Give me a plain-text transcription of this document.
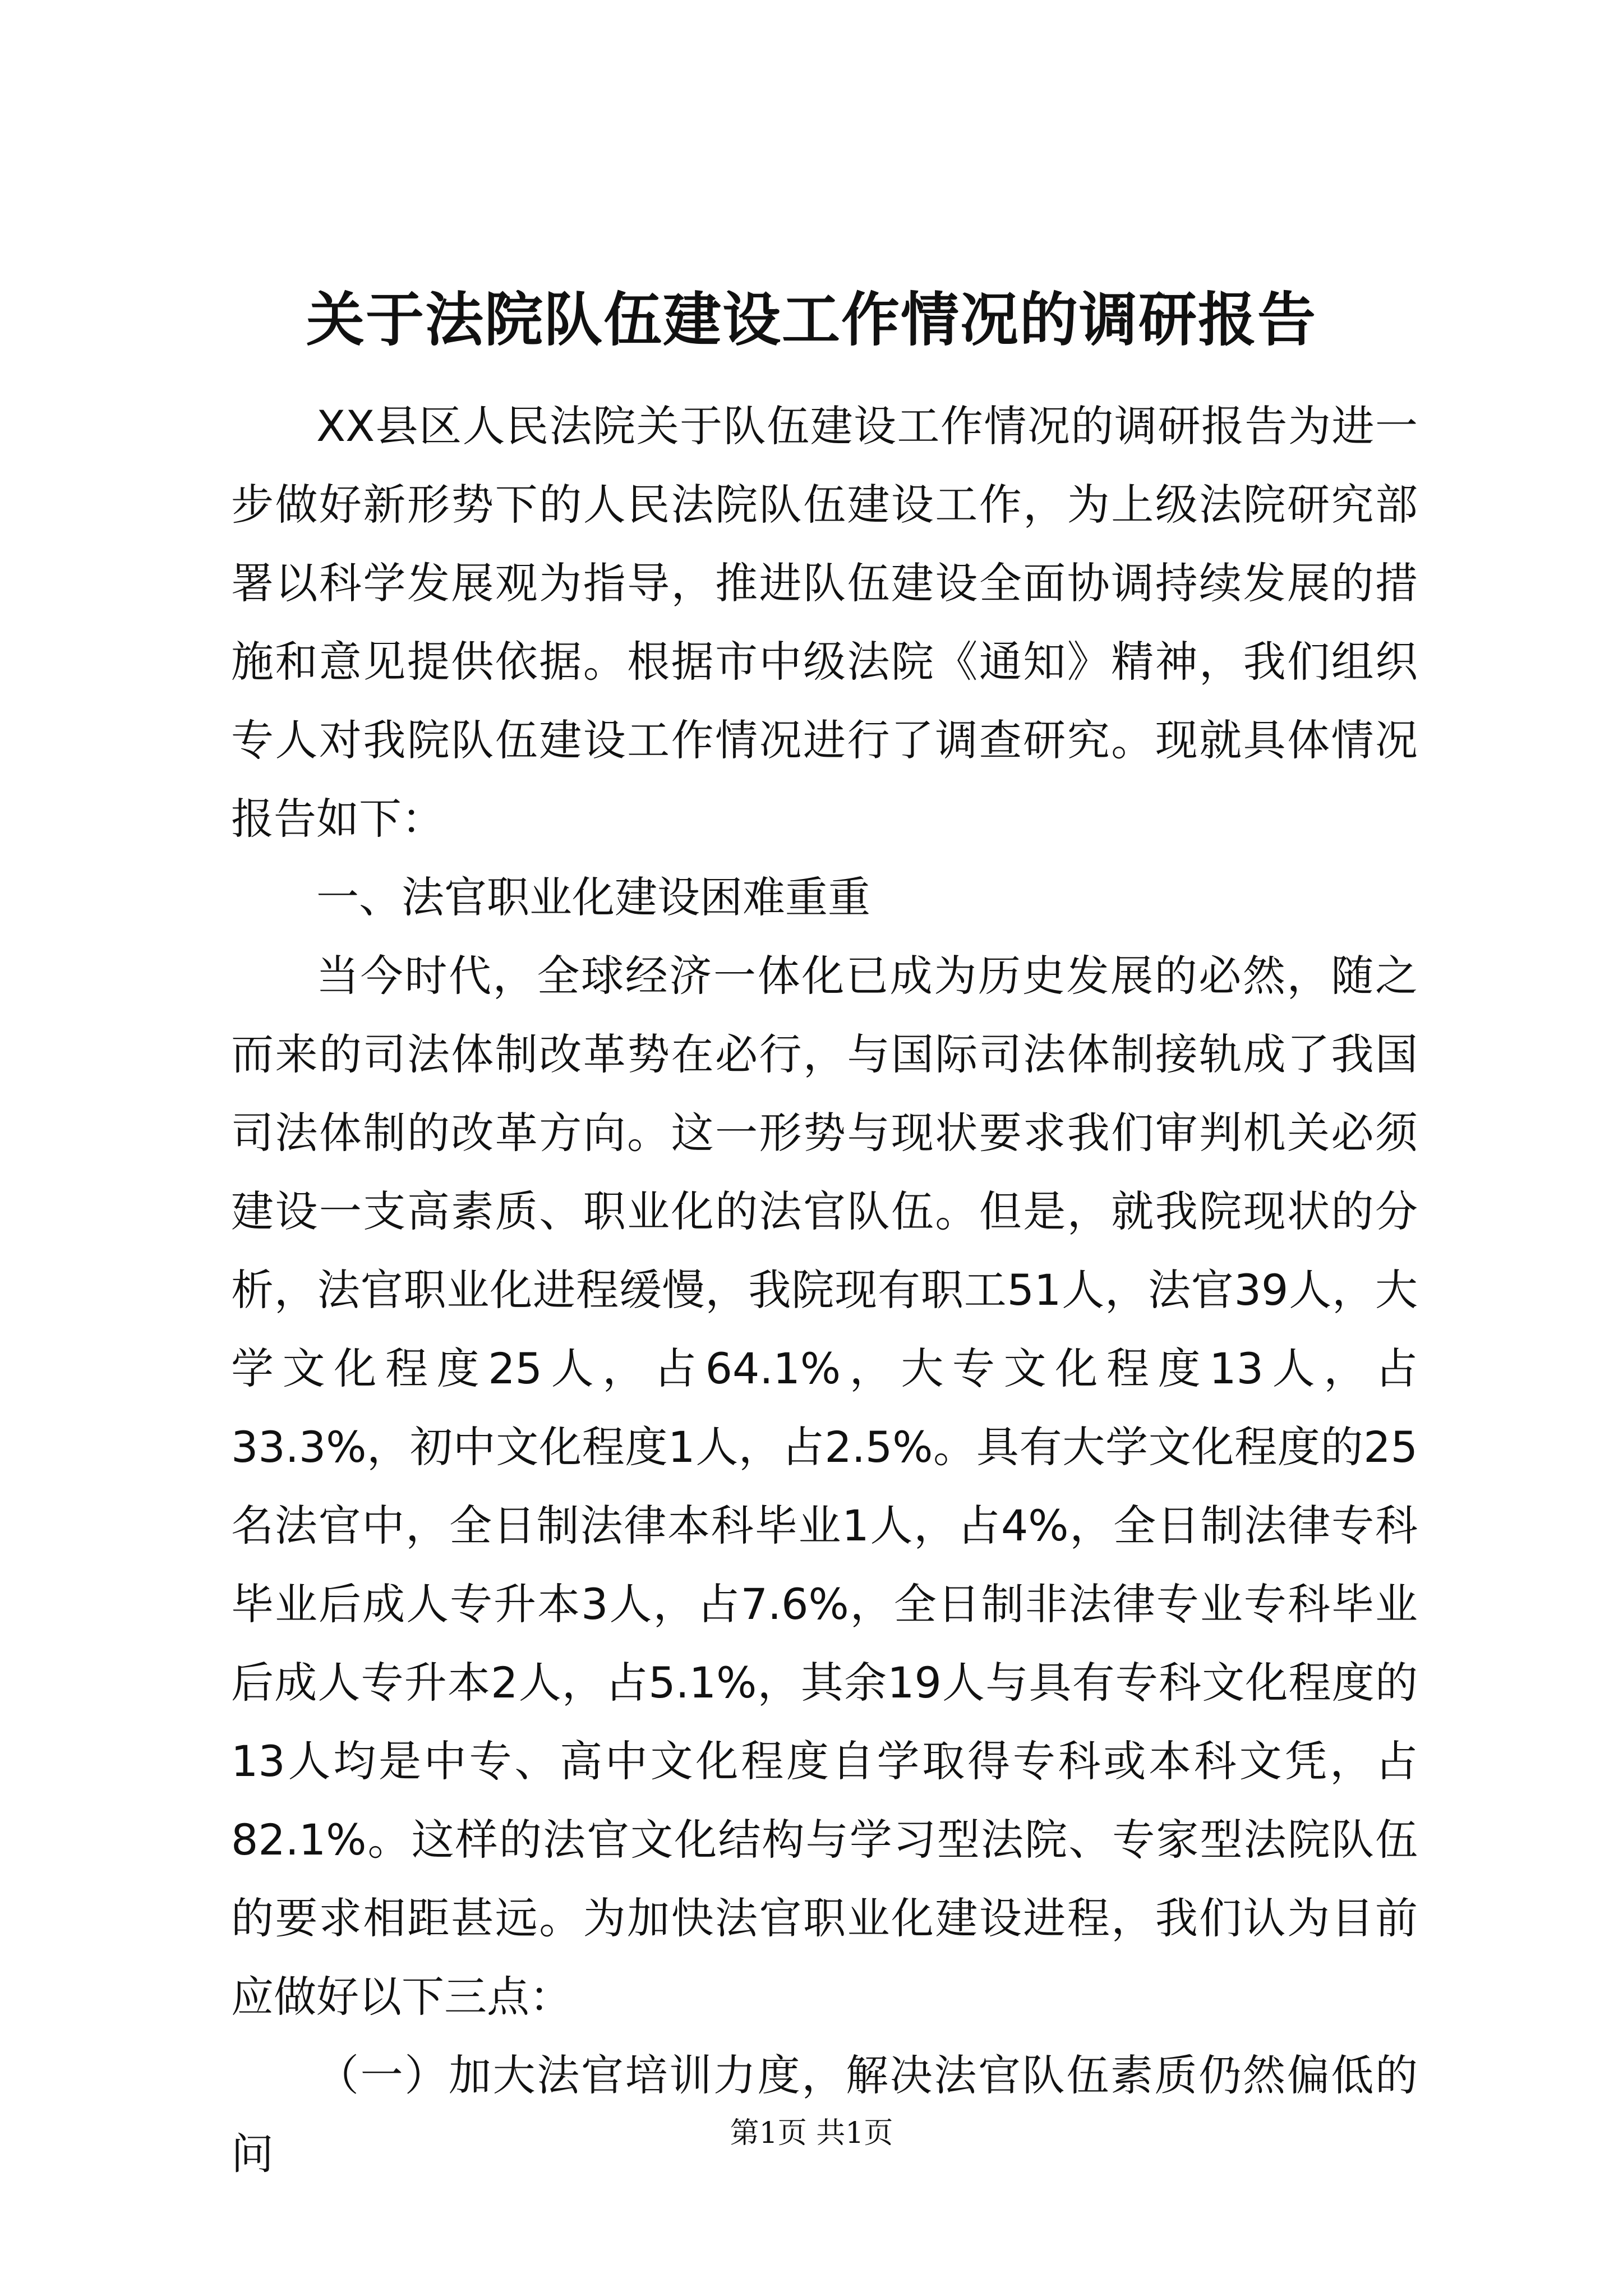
关于法院队伍建设工作情况的调研报告

XX县区人民法院关于队伍建设工作情况的调研报告为进一步做好新形势下的人民法院队伍建设工作，为上级法院研究部署以科学发展观为指导，推进队伍建设全面协调持续发展的措施和意见提供依据。根据市中级法院《通知》精神，我们组织专人对我院队伍建设工作情况进行了调查研究。现就具体情况报告如下：

一、法官职业化建设困难重重

当今时代，全球经济一体化已成为历史发展的必然，随之而来的司法体制改革势在必行，与国际司法体制接轨成了我国司法体制的改革方向。这一形势与现状要求我们审判机关必须建设一支高素质、职业化的法官队伍。但是，就我院现状的分析，法官职业化进程缓慢，我院现有职工51人，法官39人，大学文化程度25人，占64.1%，大专文化程度13人，占33.3%，初中文化程度1人，占2.5%。具有大学文化程度的25名法官中，全日制法律本科毕业1人，占4%，全日制法律专科毕业后成人专升本3人，占7.6%，全日制非法律专业专科毕业后成人专升本2人，占5.1%，其余19人与具有专科文化程度的13人均是中专、高中文化程度自学取得专科或本科文凭，占82.1%。这样的法官文化结构与学习型法院、专家型法院队伍的要求相距甚远。为加快法官职业化建设进程，我们认为目前应做好以下三点：

（一）加大法官培训力度，解决法官队伍素质仍然偏低的问	第1页 共1页
